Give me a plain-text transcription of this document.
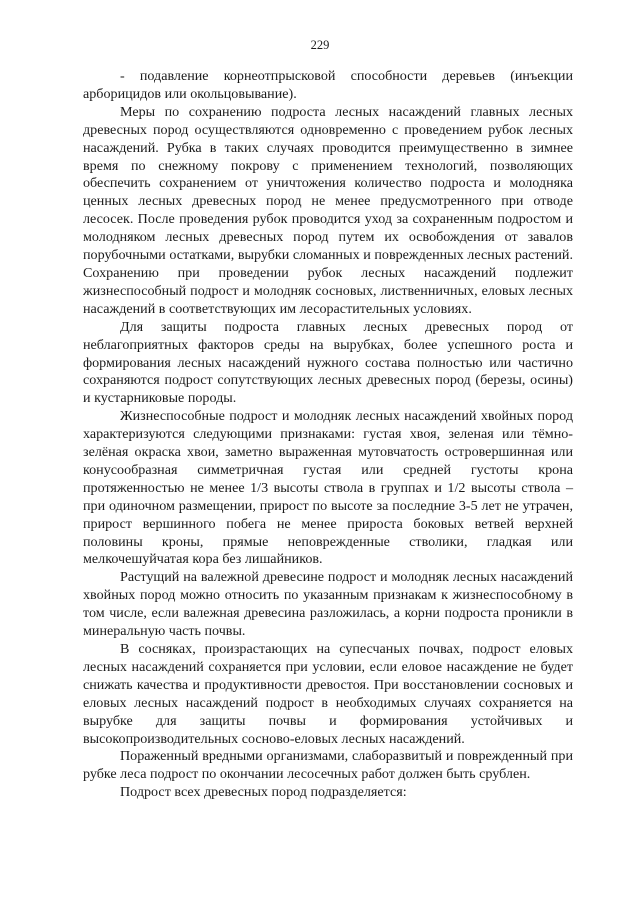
229

- подавление корнеотпрысковой способности деревьев (инъекции арборицидов или окольцовывание).

Меры по сохранению подроста лесных насаждений главных лесных древесных пород осуществляются одновременно с проведением рубок лесных насаждений. Рубка в таких случаях проводится преимущественно в зимнее время по снежному покрову с применением технологий, позволяющих обеспечить сохранением от уничтожения количество подроста и молодняка ценных лесных древесных пород не менее предусмотренного при отводе лесосек. После проведения рубок проводится уход за сохраненным подростом и молодняком лесных древесных пород путем их освобождения от завалов порубочными остатками, вырубки сломанных и поврежденных лесных растений. Сохранению при проведении рубок лесных насаждений подлежит жизнеспособный подрост и молодняк сосновых, лиственничных, еловых лесных насаждений в соответствующих им лесорастительных условиях.

Для защиты подроста главных лесных древесных пород от неблагоприятных факторов среды на вырубках, более успешного роста и формирования лесных насаждений нужного состава полностью или частично сохраняются подрост сопутствующих лесных древесных пород (березы, осины) и кустарниковые породы.

Жизнеспособные подрост и молодняк лесных насаждений хвойных пород характеризуются следующими признаками: густая хвоя, зеленая или тёмно-зелёная окраска хвои, заметно выраженная мутовчатость островершинная или конусообразная симметричная густая или средней густоты крона протяженностью не менее 1/3 высоты ствола в группах и 1/2 высоты ствола – при одиночном размещении, прирост по высоте за последние 3-5 лет не утрачен, прирост вершинного побега не менее прироста боковых ветвей верхней половины кроны, прямые неповрежденные стволики, гладкая или мелкочешуйчатая кора без лишайников.

Растущий на валежной древесине подрост и молодняк лесных насаждений хвойных пород можно относить по указанным признакам к жизнеспособному в том числе, если валежная древесина разложилась, а корни подроста проникли в минеральную часть почвы.

В сосняках, произрастающих на супесчаных почвах, подрост еловых лесных насаждений сохраняется при условии, если еловое насаждение не будет снижать качества и продуктивности древостоя. При восстановлении сосновых и еловых лесных насаждений подрост в необходимых случаях сохраняется на вырубке для защиты почвы и формирования устойчивых и высокопроизводительных сосново-еловых лесных насаждений.

Пораженный вредными организмами, слаборазвитый и поврежденный при рубке леса подрост по окончании лесосечных работ должен быть срублен.

Подрост всех древесных пород подразделяется:
